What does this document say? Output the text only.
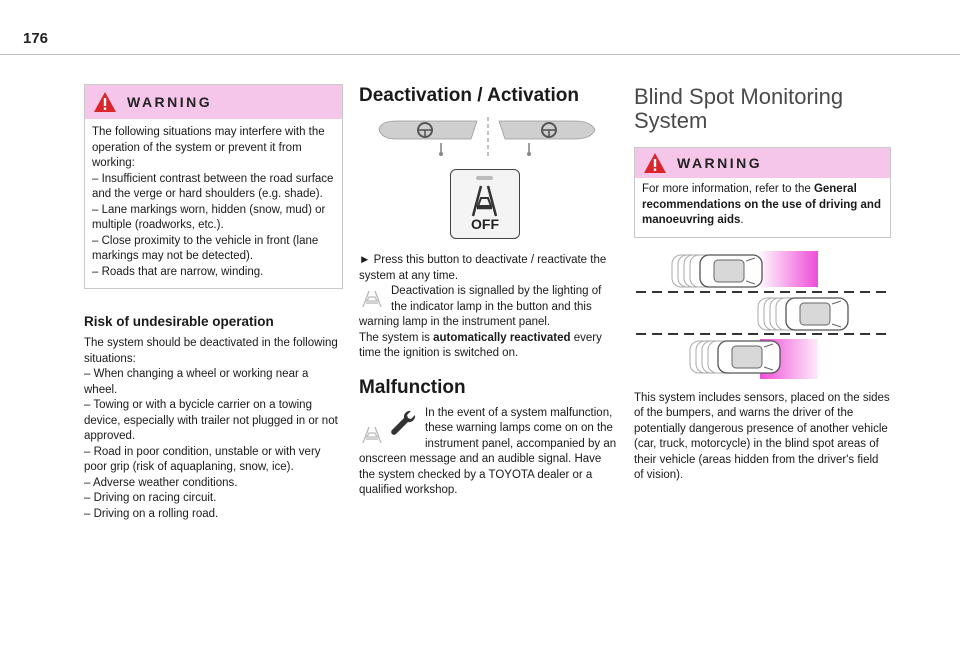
176
WARNING

The following situations may interfere with the operation of the system or prevent it from working:

– Insufficient contrast between the road surface and the verge or hard shoulders (e.g. shade).

– Lane markings worn, hidden (snow, mud) or multiple (roadworks, etc.).

– Close proximity to the vehicle in front (lane markings may not be detected).

– Roads that are narrow, winding.

Risk of undesirable operation

The system should be deactivated in the following situations:

– When changing a wheel or working near a wheel.

– Towing or with a bycicle carrier on a towing device, especially with trailer not plugged in or not approved.

– Road in poor condition, unstable or with very poor grip (risk of aquaplaning, snow, ice).

– Adverse weather conditions.

– Driving on racing circuit.

– Driving on a rolling road.

Deactivation / Activation
OFF

► Press this button to deactivate / reactivate the system at any time.

Deactivation is signalled by the lighting of the indicator lamp in the button and this warning lamp in the instrument panel.

The system is automatically reactivated every time the ignition is switched on.

Malfunction

In the event of a system malfunction, these warning lamps come on on the instrument panel, accompanied by an onscreen message and an audible signal. Have the system checked by a TOYOTA dealer or a qualified workshop.

Blind Spot Monitoring
System
WARNING

For more information, refer to the General recommendations on the use of driving and manoeuvring aids.

This system includes sensors, placed on the sides of the bumpers, and warns the driver of the potentially dangerous presence of another vehicle (car, truck, motorcycle) in the blind spot areas of their vehicle (areas hidden from the driver's field of vision).
